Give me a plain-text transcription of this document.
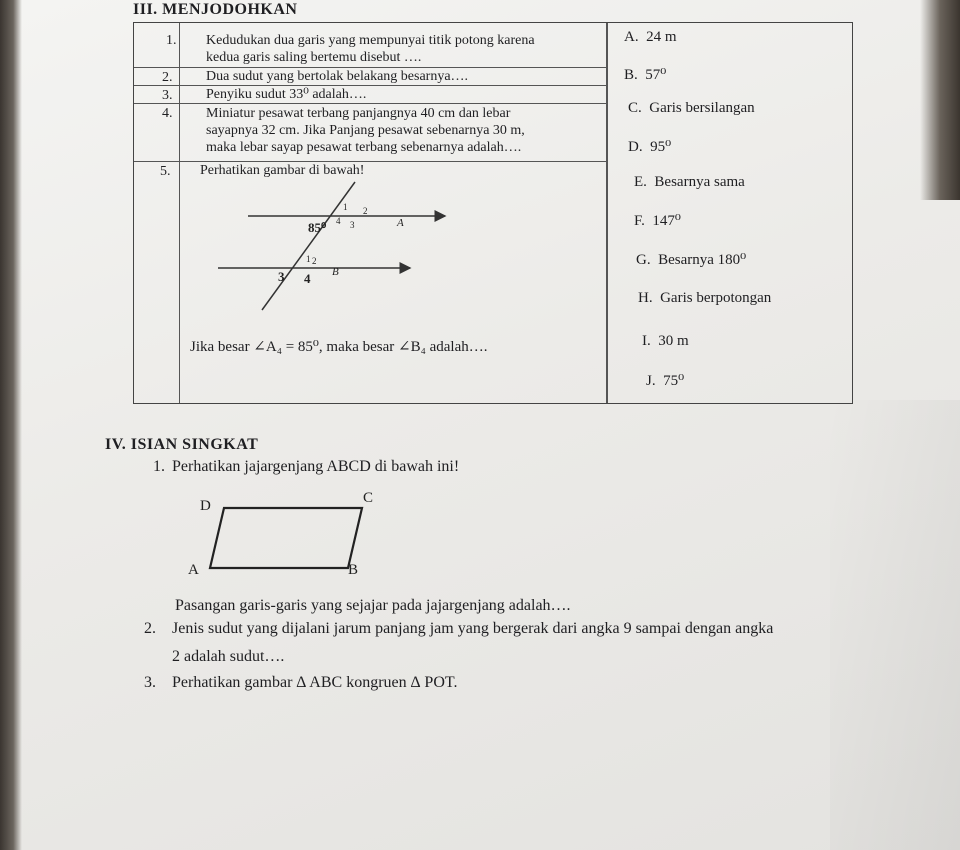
III. MENJODOHKAN
1. Kedudukan dua garis yang mempunyai titik potong karena
kedua garis saling bertemu disebut ….
2. Dua sudut yang bertolak belakang besarnya….
3. Penyiku sudut 33⁰ adalah….
4. Miniatur pesawat terbang panjangnya 40 cm dan lebar
sayapnya 32 cm. Jika Panjang pesawat sebenarnya 30 m,
maka lebar sayap pesawat terbang sebenarnya adalah….
5. Perhatikan gambar di bawah!
85⁰	A
B
1 2
4 3
1 2
3 4
Jika besar ∠A₄ = 85⁰, maka besar ∠B₄ adalah….
A. 24 m
B. 57⁰
C. Garis bersilangan
D. 95⁰
E. Besarnya sama
F. 147⁰
G. Besarnya 180⁰
H. Garis berpotongan
I. 30 m
J. 75⁰
IV. ISIAN SINGKAT
1. Perhatikan jajargenjang ABCD di bawah ini!
D	C
A	B
Pasangan garis-garis yang sejajar pada jajargenjang adalah….
2. Jenis sudut yang dijalani jarum panjang jam yang bergerak dari angka 9 sampai dengan angka
2 adalah sudut….
3. Perhatikan gambar ∆ ABC kongruen ∆ POT.
